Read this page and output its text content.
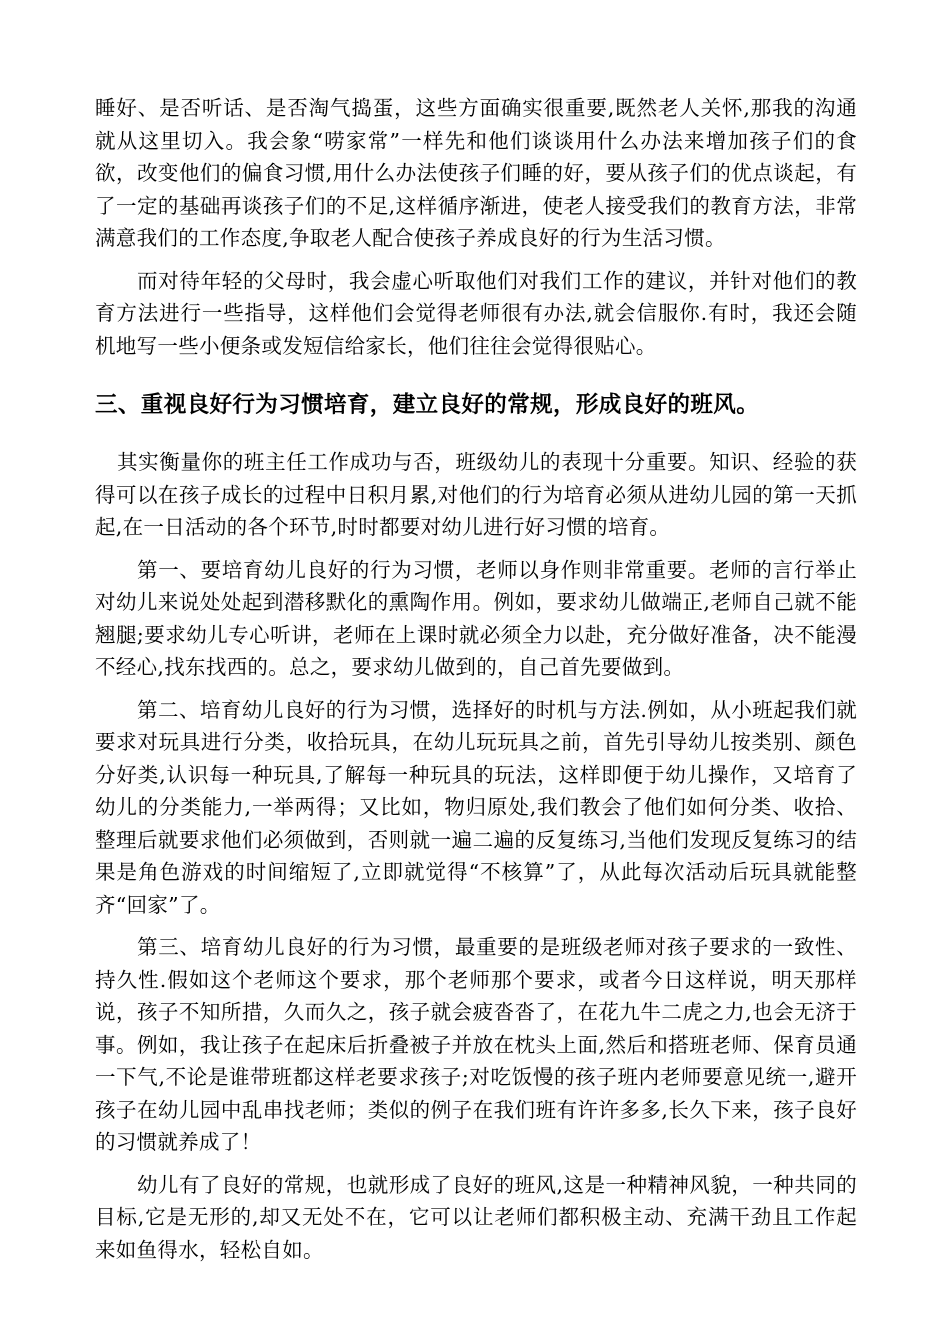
睡好、是否听话、是否淘气捣蛋，这些方面确实很重要,既然老人关怀,那我的沟通就从这里切入。我会象“唠家常”一样先和他们谈谈用什么办法来增加孩子们的食欲，改变他们的偏食习惯,用什么办法使孩子们睡的好，要从孩子们的优点谈起，有了一定的基础再谈孩子们的不足,这样循序渐进，使老人接受我们的教育方法，非常满意我们的工作态度,争取老人配合使孩子养成良好的行为生活习惯。

而对待年轻的父母时，我会虚心听取他们对我们工作的建议，并针对他们的教育方法进行一些指导，这样他们会觉得老师很有办法,就会信服你.有时，我还会随机地写一些小便条或发短信给家长，他们往往会觉得很贴心。

三、重视良好行为习惯培育，建立良好的常规，形成良好的班风。

其实衡量你的班主任工作成功与否，班级幼儿的表现十分重要。知识、经验的获得可以在孩子成长的过程中日积月累,对他们的行为培育必须从进幼儿园的第一天抓起,在一日活动的各个环节,时时都要对幼儿进行好习惯的培育。

第一、要培育幼儿良好的行为习惯，老师以身作则非常重要。老师的言行举止对幼儿来说处处起到潜移默化的熏陶作用。例如，要求幼儿做端正,老师自己就不能翘腿;要求幼儿专心听讲，老师在上课时就必须全力以赴，充分做好准备，决不能漫不经心,找东找西的。总之，要求幼儿做到的，自己首先要做到。

第二、培育幼儿良好的行为习惯，选择好的时机与方法.例如，从小班起我们就要求对玩具进行分类，收拾玩具，在幼儿玩玩具之前，首先引导幼儿按类别、颜色分好类,认识每一种玩具,了解每一种玩具的玩法，这样即便于幼儿操作，又培育了幼儿的分类能力,一举两得；又比如，物归原处,我们教会了他们如何分类、收拾、整理后就要求他们必须做到，否则就一遍二遍的反复练习,当他们发现反复练习的结果是角色游戏的时间缩短了,立即就觉得“不核算”了，从此每次活动后玩具就能整齐“回家”了。

第三、培育幼儿良好的行为习惯，最重要的是班级老师对孩子要求的一致性、持久性.假如这个老师这个要求，那个老师那个要求，或者今日这样说，明天那样说，孩子不知所措，久而久之，孩子就会疲沓沓了，在花九牛二虎之力,也会无济于事。例如，我让孩子在起床后折叠被子并放在枕头上面,然后和搭班老师、保育员通一下气,不论是谁带班都这样老要求孩子;对吃饭慢的孩子班内老师要意见统一,避开孩子在幼儿园中乱串找老师；类似的例子在我们班有许许多多,长久下来，孩子良好的习惯就养成了！

幼儿有了良好的常规，也就形成了良好的班风,这是一种精神风貌，一种共同的目标,它是无形的,却又无处不在，它可以让老师们都积极主动、充满干劲且工作起来如鱼得水，轻松自如。
